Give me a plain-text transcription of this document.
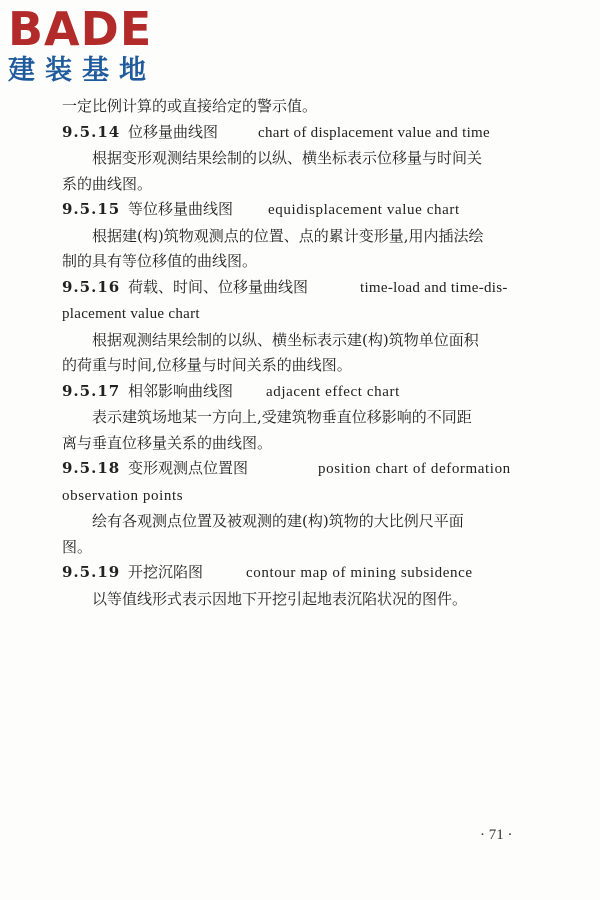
BADE
建装基地
一定比例计算的或直接给定的警示值。
9.5.14 位移量曲线图	chart of displacement value and time
根据变形观测结果绘制的以纵、横坐标表示位移量与时间关
系的曲线图。
9.5.15 等位移量曲线图 equidisplacement value chart
根据建(构)筑物观测点的位置、点的累计变形量,用内插法绘
制的具有等位移值的曲线图。
9.5.16 荷载、时间、位移量曲线图	time-load and time-dis-
placement value chart
根据观测结果绘制的以纵、横坐标表示建(构)筑物单位面积
的荷重与时间,位移量与时间关系的曲线图。
9.5.17 相邻影响曲线图 adjacent effect chart
表示建筑场地某一方向上,受建筑物垂直位移影响的不同距
离与垂直位移量关系的曲线图。
9.5.18 变形观测点位置图	position chart of deformation
observation points
绘有各观测点位置及被观测的建(构)筑物的大比例尺平面
图。
9.5.19 开挖沉陷图	contour map of mining subsidence
以等值线形式表示因地下开挖引起地表沉陷状况的图件。
· 71 ·
